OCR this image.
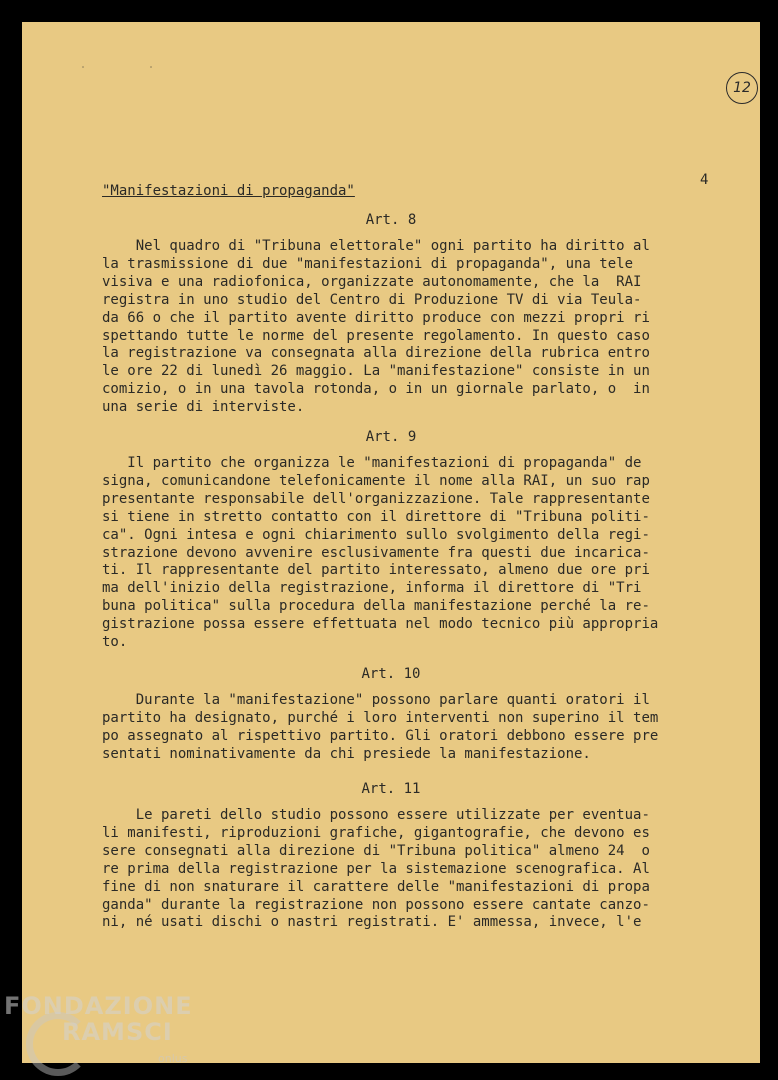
˙ ˙
12
4
"Manifestazioni di propaganda"
Art. 8
Nel quadro di "Tribuna elettorale" ogni partito ha diritto al
la trasmissione di due "manifestazioni di propaganda", una tele
visiva e una radiofonica, organizzate autonomamente, che la  RAI
registra in uno studio del Centro di Produzione TV di via Teula-
da 66 o che il partito avente diritto produce con mezzi propri ri
spettando tutte le norme del presente regolamento. In questo caso
la registrazione va consegnata alla direzione della rubrica entro
le ore 22 di lunedì 26 maggio. La "manifestazione" consiste in un
comizio, o in una tavola rotonda, o in un giornale parlato, o  in
una serie di interviste.
Art. 9
Il partito che organizza le "manifestazioni di propaganda" de
signa, comunicandone telefonicamente il nome alla RAI, un suo rap
presentante responsabile dell'organizzazione. Tale rappresentante
si tiene in stretto contatto con il direttore di "Tribuna politi-
ca". Ogni intesa e ogni chiarimento sullo svolgimento della regi-
strazione devono avvenire esclusivamente fra questi due incarica-
ti. Il rappresentante del partito interessato, almeno due ore pri
ma dell'inizio della registrazione, informa il direttore di "Tri
buna politica" sulla procedura della manifestazione perché la re-
gistrazione possa essere effettuata nel modo tecnico più appropria
to.
Art. 10
Durante la "manifestazione" possono parlare quanti oratori il
partito ha designato, purché i loro interventi non superino il tem
po assegnato al rispettivo partito. Gli oratori debbono essere pre
sentati nominativamente da chi presiede la manifestazione.
Art. 11
Le pareti dello studio possono essere utilizzate per eventua-
li manifesti, riproduzioni grafiche, gigantografie, che devono es
sere consegnati alla direzione di "Tribuna politica" almeno 24  o
re prima della registrazione per la sistemazione scenografica. Al
fine di non snaturare il carattere delle "manifestazioni di propa
ganda" durante la registrazione non possono essere cantate canzo-
ni, né usati dischi o nastri registrati. E' ammessa, invece, l'e
FONDAZIONE
RAMSCI
onlus
